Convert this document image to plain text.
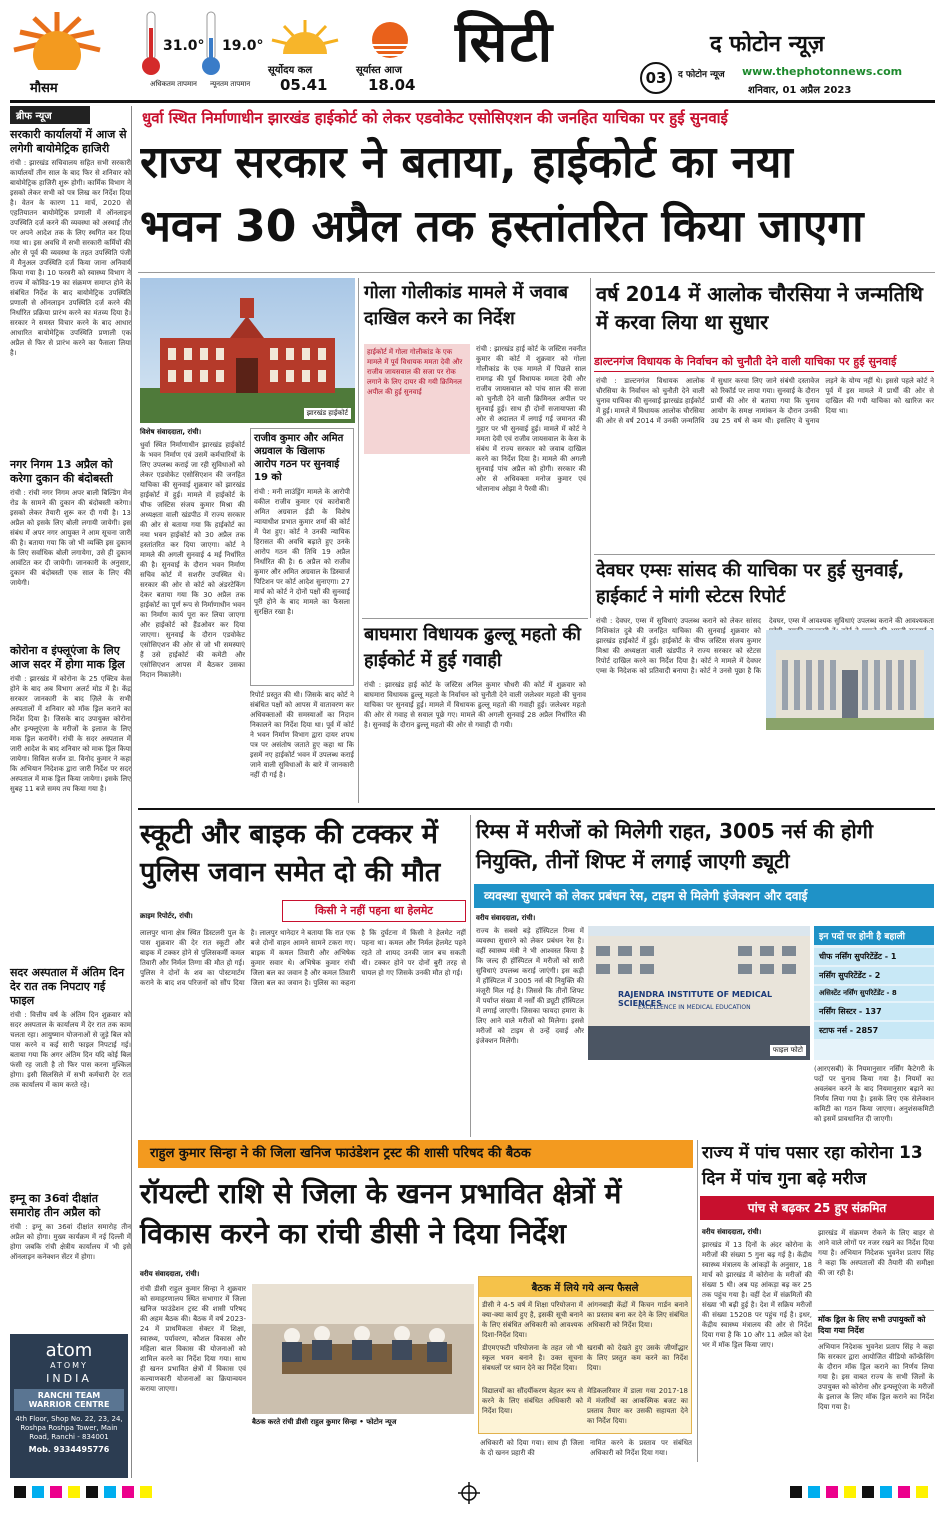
मौसम
31.0°
अधिकतम तापमान
19.0°
न्यूनतम तापमान
सूर्योदय कल
05.41
सूर्यास्त आज
18.04
सिटी	द फोटोन न्यूज़
03	द फोटोन न्यूज www.thephotonnews.com
शनिवार, 01 अप्रैल 2023
ब्रीफ न्यूज
सरकारी कार्यालयों में आज से लगेगी बायोमेट्रिक हाजिरी
रांची : झारखंड सचिवालय सहित सभी सरकारी कार्यालयों तीन साल के बाद फिर से शनिवार को बायोमेट्रिक हाजिरी शुरू होगी। कार्मिक विभाग ने इसको लेकर सभी को पत्र लिख कर निर्देश दिया है। वेतन के कारण 11 मार्च, 2020 से एहतियातन बायोमेट्रिक प्रणाली में ऑनलाइन उपस्थिति दर्ज करने की व्यवस्था को अस्थाई तौर पर अपने आदेश तक के लिए स्थगित कर दिया गया था। इस अवधि में सभी सरकारी कर्मियों की ओर से पूर्व की व्यवस्था के तहत उपस्थिति पंजी में मैनुअल उपस्थिति दर्ज किया जाना अनिवार्य किया गया है। 10 फरवरी को स्वास्थ्य विभाग ने राज्य में कोविड-19 का संक्रमण समाप्त होने के संबंधित निर्देश के बाद बायोमेट्रिक उपस्थिति प्रणाली से ऑनलाइन उपस्थिति दर्ज करने की निर्धारित प्रक्रिया प्रारंभ करने का मंतव्य दिया है। सरकार ने समस्त विचार करने के बाद आधार आधारित बायोमेट्रिक उपस्थिति प्रणाली एक अप्रैल से फिर से प्रारंभ करने का फैसला लिया है।
नगर निगम 13 अप्रैल को करेगा दुकान की बंदोबस्ती
रांची : रांची नगर निगम अपर बाली बिल्डिंग मेन रोड के सामने की दुकान की बंदोबस्ती करेगा। इसको लेकर तैयारी शुरू कर दी गयी है। 13 अप्रैल को इसके लिए बोली लगायी जायेगी। इस संबंध में अपर नगर आयुक्त ने आम सूचना जारी की है। बताया गया कि जो भी व्यक्ति इस दुकान के लिए सर्वाधिक बोली लगायेगा, उसे ही दुकान आवंटित कर दी जायेगी। जानकारी के अनुसार, दुकान की बंदोबस्ती एक साल के लिए की जायेगी।
कोरोना व इंफ्लूएंजा के लिए आज सदर में होगा माक ड्रिल
रांची : झारखंड में कोरोना के 25 एक्टिव केस होने के बाद अब विभाग अलर्ट मोड में है। केंद्र सरकार जानकारी के बाद ज़िले के सभी अस्पतालों में शनिवार को मॉक ड्रिल कराने का निर्देश दिया है। जिसके बाद उपायुक्त कोरोना और इन्फ्लूएंजा के मरीजों के इलाज के लिए माक ड्रिल करायेंगे। रांची के सदर अस्पताल में जारी आदेश के बाद शनिवार को माक ड्रिल किया जायेगा। सिविल सर्जन डा. विनोद कुमार ने कहा कि अभियान निदेशक द्वारा जारी निर्देश पर सदर अस्पताल में माक ड्रिल किया जायेगा। इसके लिए सुबह 11 बजे समय तय किया गया है।
सदर अस्पताल में अंतिम दिन देर रात तक निपटाए गई फाइल
रांची : वित्तीय वर्ष के अंतिम दिन शुक्रवार को सदर अस्पताल के कार्यालय में देर रात तक काम चलता रहा। आयुष्मान योजनाओं से जुड़े बिल को पास करने व कई सारी फाइल निपटाई गई। बताया गया कि अगर अंतिम दिन यदि कोई बिल फंसी रह जाती है तो फिर पास करना मुश्किल होगा। इसी सिलसिले में सभी कर्मचारी देर रात तक कार्यालय में काम करते रहे।
इम्नू का 36वां दीक्षांत समारोह तीन अप्रैल को
रांची : इग्नू का 36वां दीक्षांत समारोह तीन अप्रैल को होगा। मुख्य कार्यक्रम में नई दिल्ली में होगा जबकि रांची क्षेत्रीय कार्यालय में भी इसे ऑनलाइन कनेक्शन सेंटर में होगा।
atom
ATOMY
INDIA
RANCHI TEAM WARRIOR CENTRE
4th Floor, Shop No. 22, 23, 24, Roshpa Roshpa Tower, Main Road, Ranchi - 834001
Mob. 9334495776
धुर्वा स्थित निर्माणाधीन झारखंड हाईकोर्ट को लेकर एडवोकेट एसोसिएशन की जनहित याचिका पर हुई सुनवाई
राज्य सरकार ने बताया, हाईकोर्ट का नया
भवन 30 अप्रैल तक हस्तांतरित किया जाएगा
झारखंड हाईकोर्ट
विशेष संवाददाता, रांची।
धुर्वा स्थित निर्माणाधीन झारखंड हाईकोर्ट के भवन निर्माण एवं उसमें कर्मचारियों के लिए उपलब्ध कराई जा रही सुविधाओं को लेकर एडवोकेट एसोसिएशन की जनहित याचिका की सुनवाई शुक्रवार को झारखंड हाईकोर्ट में हुई। मामले में हाईकोर्ट के चीफ जस्टिस संजय कुमार मिश्रा की अध्यक्षता वाली खंडपीठ में राज्य सरकार की ओर से बताया गया कि हाईकोर्ट का नया भवन हाईकोर्ट को 30 अप्रैल तक हस्तांतरित कर दिया जाएगा। कोर्ट ने मामले की अगली सुनवाई 4 मई निर्धारित की है। सुनवाई के दौरान भवन निर्माण सचिव कोर्ट में सशरीर उपस्थित थे। सरकार की ओर से कोर्ट को अंडरटेकिंग देकर बताया गया कि 30 अप्रैल तक हाईकोर्ट का पूर्ण रूप से निर्माणाधीन भवन का निर्माण कार्य पूरा कर लिया जाएगा और हाईकोर्ट को हैंडओवर कर दिया जाएगा। सुनवाई के दौरान एडवोकेट एसोसिएशन की ओर से जो भी समस्याएं हैं उसे हाईकोर्ट की कमेटी और एसोसिएशन आपस में बैठकर उसका निदान निकालेंगे।
राजीव कुमार और अमित अग्रवाल के खिलाफ आरोप गठन पर सुनवाई 19 को
रांची : मनी लाउंड्रिंग मामले के आरोपी वकील राजीव कुमार एवं कारोबारी अमित अग्रवाल ईडी के विशेष न्यायाधीश प्रभात कुमार शर्मा की कोर्ट में पेश हुए। कोर्ट ने उनकी न्यायिक हिरासत की अवधि बढ़ाते हुए उनके आरोप गठन की तिथि 19 अप्रैल निर्धारित की है। 6 अप्रैल को राजीव कुमार और अमित अग्रवाल के डिस्चार्ज पिटिशन पर कोर्ट आदेश सुनाएगा। 27 मार्च को कोर्ट ने दोनों पक्षों की सुनवाई पूरी होने के बाद मामले का फैसला सुरक्षित रखा है।
रिपोर्ट प्रस्तुत की थी। जिसके बाद कोर्ट ने संबंधित पक्षों को आपस में वातावरण कर अधिवक्ताओं की समस्याओं का निदान निकालने का निर्देश दिया था। पूर्व में कोर्ट ने भवन निर्माण विभाग द्वारा दायर शपथ पत्र पर असंतोष जताते हुए कहा था कि इसमें नए हाईकोर्ट भवन में उपलब्ध कराई जाने वाली सुविधाओं के बारे में जानकारी नहीं दी गई है।
गोला गोलीकांड मामले में जवाब दाखिल करने का निर्देश
हाईकोर्ट में गोला गोलीकांड के एक मामले में पूर्व विधायक ममता देवी और राजीव जायसवाल की सजा पर रोक लगाने के लिए दायर की गयी क्रिमिनल अपील की हुई सुनवाई
रांची : झारखंड हाई कोर्ट के जस्टिस नवनीत कुमार की कोर्ट में शुक्रवार को गोला गोलीकांड के एक मामले में पिछले साल रामगढ़ की पूर्व विधायक ममता देवी और राजीव जायसवाल को पांच साल की सजा को चुनौती देने वाली क्रिमिनल अपील पर सुनवाई हुई। साथ ही दोनों सजायाफ्ता की ओर से अदालत में लगाई गई जमानत की गुहार पर भी सुनवाई हुई। मामले में कोर्ट ने ममता देवी एवं राजीव जायसवाल के केस के संबंध में राज्य सरकार को जवाब दाखिल करने का निर्देश दिया है। मामले की अगली सुनवाई पांच अप्रैल को होगी। सरकार की ओर से अधिवक्ता मनोज कुमार एवं भोलानाथ ओझा ने पैरवी की।
बाघमारा विधायक ढुल्लू महतो की हाईकोर्ट में हुई गवाही
रांची : झारखंड हाई कोर्ट के जस्टिस अनिल कुमार चौधरी की कोर्ट में शुक्रवार को बाघमारा विधायक ढुल्लू महतो के निर्वाचन को चुनौती देने वाली जलेश्वर महतो की चुनाव याचिका पर सुनवाई हुई। मामले में विधायक ढुल्लू महतो की गवाही हुई। जलेश्वर महतो की ओर से गवाह से सवाल पूछे गए। मामले की अगली सुनवाई 28 अप्रैल निर्धारित की है। सुनवाई के दौरान ढुल्लू महतो की ओर से गवाही दी गयी।
वर्ष 2014 में आलोक चौरसिया ने जन्मतिथि में करवा लिया था सुधार
डाल्टनगंज विधायक के निर्वाचन को चुनौती देने वाली याचिका पर हुई सुनवाई
रांची : डाल्टनगंज विधायक आलोक चौरसिया के निर्वाचन को चुनौती देने वाली चुनाव याचिका की सुनवाई झारखंड हाईकोर्ट में हुई। मामले में विधायक आलोक चौरसिया की ओर से वर्ष 2014 में उनकी जन्मतिथि में सुधार करवा लिए जाने संबंधी दस्तावेज को रिकॉर्ड पर लाया गया। सुनवाई के दौरान प्रार्थी की ओर से बताया गया कि चुनाव आयोग के समक्ष नामांकन के दौरान उनकी उम्र 25 वर्ष से कम थी। इसलिए वे चुनाव लड़ने के योग्य नहीं थे। इससे पहले कोर्ट ने पूर्व में इस मामले में प्रार्थी की ओर से दाखिल की गयी याचिका को खारिज कर दिया था।
देवघर एम्सः सांसद की याचिका पर हुई सुनवाई, हाईकार्ट ने मांगी स्टेटस रिपोर्ट
रांची : देवघर, एम्स में सुविधाएं उपलब्ध कराने को लेकर सांसद निशिकांत दुबे की जनहित याचिका की सुनवाई शुक्रवार को झारखंड हाईकोर्ट में हुई। हाईकोर्ट के चीफ जस्टिस संजय कुमार मिश्रा की अध्यक्षता वाली खंडपीठ ने राज्य सरकार को स्टेटस रिपोर्ट दाखिल करने का निर्देश दिया है। कोर्ट ने मामले में देवघर एम्स के निदेशक को प्रतिवादी बनाया है। कोर्ट ने उनसे पूछा है कि देवघर, एम्स में आवश्यक सुविधाएं उपलब्ध कराने की आवश्यकता
स्कूटी और बाइक की टक्कर में पुलिस जवान समेत दो की मौत
किसी ने नहीं पहना था हेलमेट
क्राइम रिपोर्टर, रांची।
लालपुर थाना क्षेत्र स्थित डिस्टलरी पुल के पास शुक्रवार की देर रात स्कूटी और बाइक में टक्कर होने से पुलिसकर्मी कमल तिवारी और निर्मल तिग्गा की मौत हो गई। पुलिस ने दोनों के शव का पोस्टमार्टम कराने के बाद शव परिजनों को सौंप दिया है। लालपुर थानेदार ने बताया कि रात एक बजे दोनों वाहन आमने सामने टकरा गए। बाइक में कमल तिवारी और अभिषेक कुमार सवार थे। अभिषेक कुमार रांची जिला बल का जवान है और कमल तिवारी जिला बल का जवान है। पुलिस का कहना है कि दुर्घटना में किसी ने हेलमेट नहीं पहना था। कमल और निर्मल हेलमेट पहने रहते तो शायद उनकी जान बच सकती थी। टक्कर होने पर दोनों बुरी तरह से घायल हो गए जिसके उनकी मौत हो गई।
रिम्स में मरीजों को मिलेगी राहत, 3005 नर्स की होगी नियुक्ति, तीनों शिफ्ट में लगाई जाएगी ड्यूटी
व्यवस्था सुधारने को लेकर प्रबंधन रेस, टाइम से मिलेगी इंजेक्शन और दवाई
वरीय संवाददाता, रांची।
राज्य के सबसे बड़े हॉस्पिटल रिम्स में व्यवस्था सुधारने को लेकर प्रबंधन रेस है। वहीं स्वास्थ्य मंत्री ने भी आश्वस्त किया है कि जल्द ही हॉस्पिटल में मरीजों को सारी सुविधाएं उपलब्ध कराई जाएंगी। इस कड़ी में हॉस्पिटल में 3005 नर्स की नियुक्ति की मंजूरी मिल गई है। जिससे कि तीनों शिफ्ट में पर्याप्त संख्या में नर्सों की ड्यूटी हॉस्पिटल में लगाई जाएगी। जिसका फायदा हमारा के लिए आने वाले मरीजों को मिलेगा। इससे मरीजों को टाइम से उन्हें दवाई और इंजेक्शन मिलेंगी।
RAJENDRA INSTITUTE OF MEDICAL SCIENCES
EXCELLENCE IN MEDICAL EDUCATION
फाइल फोटो
इन पदों पर होनी है बहाली
चीफ नर्सिंग सुपरिटेंडेंट - 1
नर्सिंग सुपरिटेंडेंट - 2
असिस्टेंट नर्सिंग सुपरिटेंडेंट - 8
नर्सिंग सिस्टर - 137
स्टाफ नर्स - 2857
(आरएसबी) के नियमानुसार नर्सिंग कैटेगरी के पदों पर चुनाव किया गया है। नियमों का अवलंबन करने के बाद नियमानुसार बढ़ाने का निर्णय लिया गया है। इसके लिए एक सेलेक्शन कमिटी का गठन किया जाएगा। अनुशंसकमिटी को इसमें प्रावधानित दी जाएगी।
राहुल कुमार सिन्हा ने की जिला खनिज फाउंडेशन ट्रस्ट की शासी परिषद की बैठक
रॉयल्टी राशि से जिला के खनन प्रभावित क्षेत्रों में विकास करने का रांची डीसी ने दिया निर्देश
वरीय संवाददाता, रांची।
रांची डीसी राहुल कुमार सिन्हा ने शुक्रवार को समाहरणालय स्थित सभागार में जिला खनिज फाउंडेशन ट्रस्ट की शासी परिषद की अहम बैठक की। बैठक में वर्ष 2023-24 में प्राथमिकता सेक्टर में शिक्षा, स्वास्थ्य, पर्यावरण, कौशल विकास और महिला बाल विकास की योजनाओं को शामिल करने का निर्देश दिया गया। साथ ही खनन प्रभावित क्षेत्रों में विकास एवं कल्याणकारी योजनाओं का क्रियान्वयन कराया जाएगा।
बैठक करते रांची डीसी राहुल कुमार सिन्हा • फोटोन न्यूज
बैठक में लिये गये अन्य फैसले
डीसी ने 4-5 वर्ष में शिक्षा परियोजना में क्या-क्या कार्य हुए है, इसकी सूची बनाने के लिए संबंधित अधिकारी को आवश्यक दिशा-निर्देश दिया।
डीएमएफटी परियोजना के तहत जो भी स्कूल भवन बनाने है। उक्त सूचना संबधलों पर ध्यान देने का निर्देश दिया।
विद्यालयों का सौंदर्यीकरण बेहतर रूप से करने के लिए संबंधित अधिकारी को निर्देश दिया।
आंगनबाड़ी केंद्रों में किचन गार्डन बनाने का प्रस्ताव बना कर देने के लिए संबंधित अधिकारी को निर्देश दिया।
खराबी को देखते हुए उसके जीर्णोद्धार के लिए प्रस्तुत कम करने का निर्देश दिया।
मेडिकलरिवार में डाला गया 2017-18 में मंजरियों का आकस्मिक बजट का प्रस्ताव तैयार कर उसकी सहायता देने का निर्देश दिया।
अधिकारी को दिया गया। साथ ही जिला के दो खनन प्रहारी की
नामित करने के प्रस्ताव पर संबंधित अधिकारी को निर्देश दिया गया।
राज्य में पांच पसार रहा कोरोना 13 दिन में पांच गुना बढ़े मरीज
पांच से बढ़कर 25 हुए संक्रमित
वरीय संवाददाता, रांची।
झारखंड में 13 दिनों के अंदर कोरोना के मरीजों की संख्या 5 गुना बढ़ गई है। केंद्रीय स्वास्थ्य मंत्रालय के आंकड़ों के अनुसार, 18 मार्च को झारखंड में कोरोना के मरीजों की संख्या 5 थी। अब यह आंकड़ा बढ़ कर 25 तक पहुंच गया है। वहीं देश में संक्रमितों की संख्या भी बढ़ी हुई है। देश में सक्रिय मरीजों की संख्या 15208 पर पहुंच गई है। इधर, केंद्रीय स्वास्थ्य मंत्रालय की ओर से निर्देश दिया गया है कि 10 और 11 अप्रैल को देश भर में मॉक ड्रिल किया जाए।
झारखंड में संक्रमण रोकने के लिए बाहर से आने वाले लोगों पर नजर रखने का निर्देश दिया गया है। अभियान निदेशक भुवनेश प्रताप सिंह ने कहा कि अस्पतालों की तैयारी की समीक्षा की जा रही है।
मॉक ड्रिल के लिए सभी उपायुक्तों को दिया गया निर्देश
अभियान निदेशक भुवनेश प्रताप सिंह ने कहा कि सरकार द्वारा आयोजित वीडियो कॉन्फ्रेंसिंग के दौरान मॉक ड्रिल कराने का निर्णय लिया गया है। इस वाबत राज्य के सभी जिलों के उपायुक्त को कोरोना और इन्फ्लूएंजा के मरीजों के इलाज के लिए मॉक ड्रिल कराने का निर्देश दिया गया है।
